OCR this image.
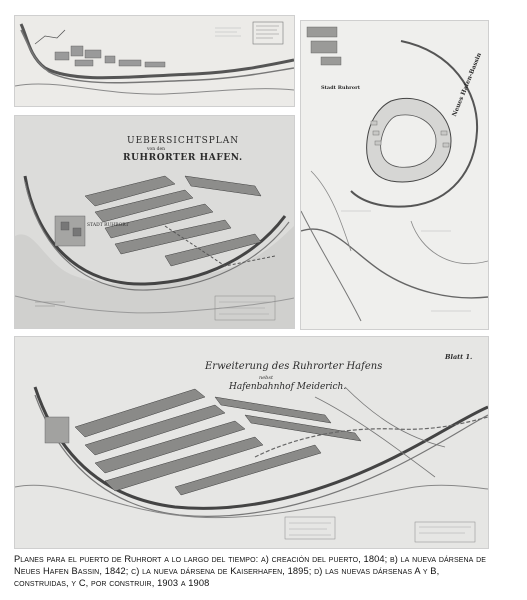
UEBERSICHTSPLAN
von den
RUHRORTER HAFEN.
STADT RUHRORT
Stadt Ruhrort	Neues Hafen-Bassin
Erweiterung des Ruhrorter Hafens
nebst
Hafenbahnhof Meiderich.
Blatt 1.
Planes para el puerto de Ruhrort a lo largo del tiempo: a) creación del puerto, 1804; b) la nueva dársena de Neues Hafen Bassin, 1842; c) la nueva dársena de Kaiserhafen, 1895; d) las nuevas dársenas A y B, construidas, y C, por construir, 1903 a 1908
